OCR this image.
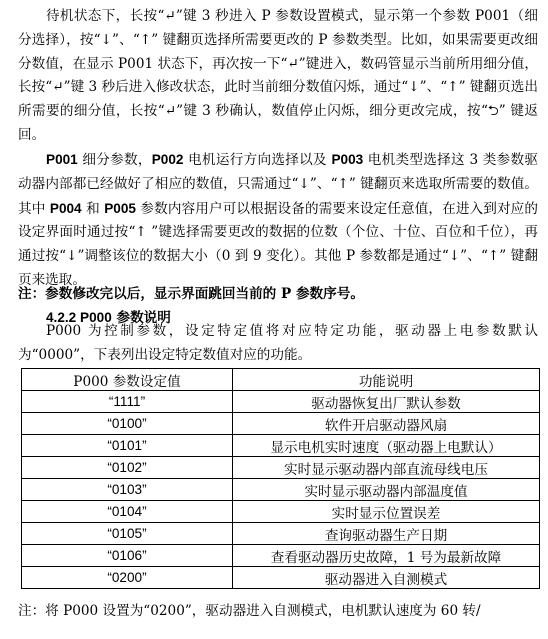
待机状态下，长按“↵”键 3 秒进入 P 参数设置模式，显示第一个参数 P001（细分选择），按“↓”、“↑” 键翻页选择所需要更改的 P 参数类型。比如，如果需要更改细分数值，在显示 P001 状态下，再次按一下“↵”键进入，数码管显示当前所用细分值，长按“↵”键 3 秒后进入修改状态，此时当前细分数值闪烁，通过“↓”、“↑” 键翻页选出所需要的细分值，长按“↵”键 3 秒确认，数值停止闪烁，细分更改完成，按“⮌” 键返回。

P001 细分参数，P002 电机运行方向选择以及 P003 电机类型选择这 3 类参数驱动器内部都已经做好了相应的数值，只需通过“↓”、“↑” 键翻页来选取所需要的数值。其中 P004 和 P005 参数内容用户可以根据设备的需要来设定任意值，在进入到对应的设定界面时通过按“↑ ”键选择需要更改的数据的位数（个位、十位、百位和千位），再通过按“↓”调整该位的数据大小（0 到 9 变化）。其他 P 参数都是通过“↓”、“↑” 键翻页来选取。

注：参数修改完以后，显示界面跳回当前的 P 参数序号。

4.2.2 P000 参数说明

P000 为控制参数，设定特定值将对应特定功能，驱动器上电参数默认为“0000”，下表列出设定特定数值对应的功能。

P000 参数设定值	功能说明
“1111”	驱动器恢复出厂默认参数
“0100”	软件开启驱动器风扇
“0101”	显示电机实时速度（驱动器上电默认）
“0102”	实时显示驱动器内部直流母线电压
“0103”	实时显示驱动器内部温度值
“0104”	实时显示位置误差
“0105”	查询驱动器生产日期
“0106”	查看驱动器历史故障，1 号为最新故障
“0200”	驱动器进入自测模式

注：将 P000 设置为“0200”，驱动器进入自测模式，电机默认速度为 60 转/
